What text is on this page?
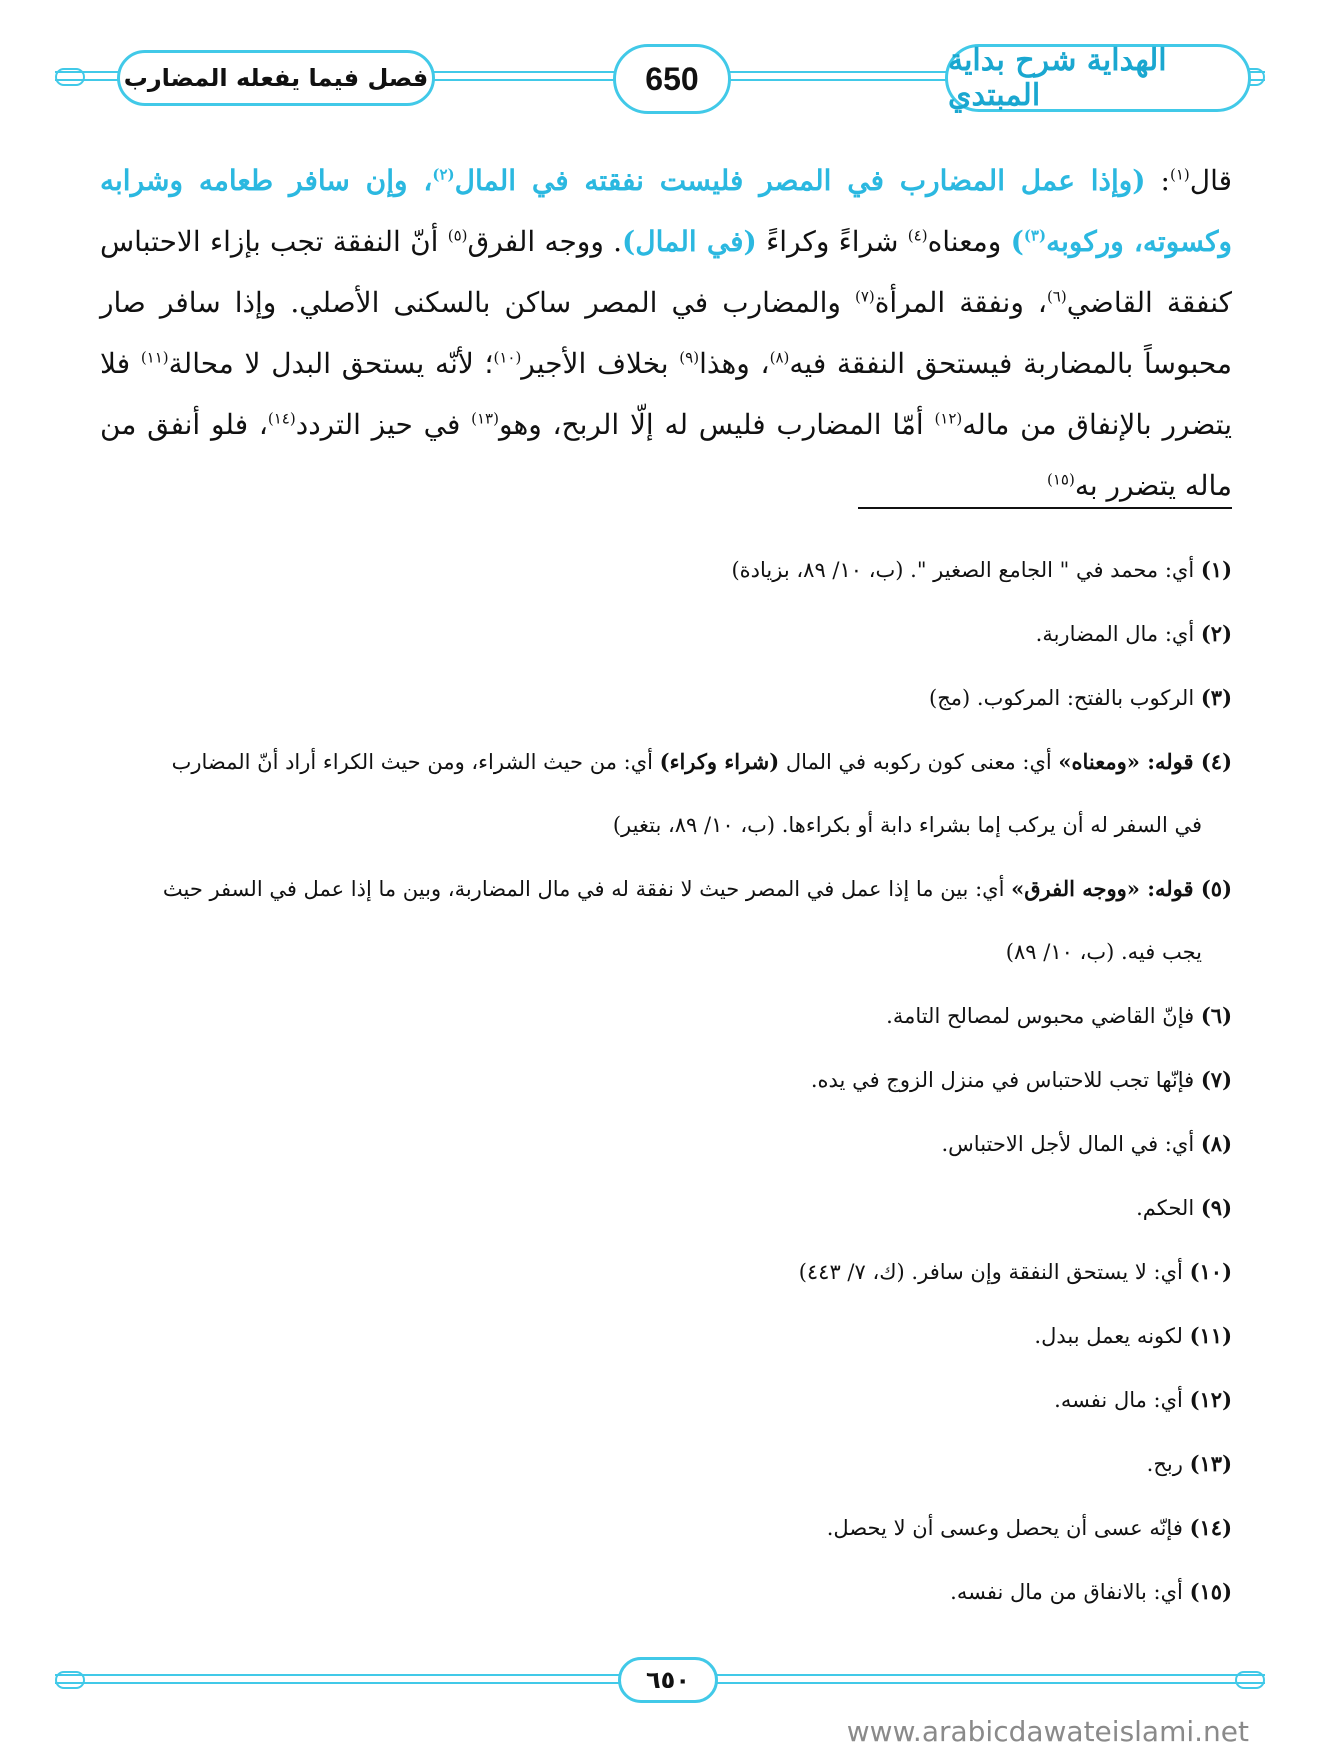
فصل فيما يفعله المضارب	650	الهداية شرح بداية المبتدي
قال$^{(١)}$: (وإذا عمل المضارب في المصر فليست نفقته في المال$^{(٢)}$، وإن سافر طعامه وشرابه وكسوته، وركوبه$^{(٣)}$) ومعناه$^{(٤)}$ شراءً وكراءً (في المال). ووجه الفرق$^{(٥)}$ أنّ النفقة تجب بإزاء الاحتباس كنفقة القاضي$^{(٦)}$، ونفقة المرأة$^{(٧)}$ والمضارب في المصر ساكن بالسكنى الأصلي. وإذا سافر صار محبوساً بالمضاربة فيستحق النفقة فيه$^{(٨)}$، وهذا$^{(٩)}$ بخلاف الأجير$^{(١٠)}$؛ لأنّه يستحق البدل لا محالة$^{(١١)}$ فلا يتضرر بالإنفاق من ماله$^{(١٢)}$ أمّا المضارب فليس له إلّا الربح، وهو$^{(١٣)}$ في حيز التردد$^{(١٤)}$، فلو أنفق من ماله يتضرر به$^{(١٥)}$
(١) أي: محمد في " الجامع الصغير ". (ب، ١٠/ ٨٩، بزيادة)
(٢) أي: مال المضاربة.
(٣) الركوب بالفتح: المركوب. (مج)
(٤) قوله: «ومعناه» أي: معنى كون ركوبه في المال (شراء وكراء) أي: من حيث الشراء، ومن حيث الكراء أراد أنّ المضارب
في السفر له أن يركب إما بشراء دابة أو بكراءها. (ب، ١٠/ ٨٩، بتغير)
(٥) قوله: «ووجه الفرق» أي: بين ما إذا عمل في المصر حيث لا نفقة له في مال المضاربة، وبين ما إذا عمل في السفر حيث
يجب فيه. (ب، ١٠/ ٨٩)
(٦) فإنّ القاضي محبوس لمصالح التامة.
(٧) فإنّها تجب للاحتباس في منزل الزوج في يده.
(٨) أي: في المال لأجل الاحتباس.
(٩) الحكم.
(١٠) أي: لا يستحق النفقة وإن سافر. (ك، ٧/ ٤٤٣)
(١١) لكونه يعمل ببدل.
(١٢) أي: مال نفسه.
(١٣) ربح.
(١٤) فإنّه عسى أن يحصل وعسى أن لا يحصل.
(١٥) أي: بالانفاق من مال نفسه.
٦٥٠
www.arabicdawateislami.net
